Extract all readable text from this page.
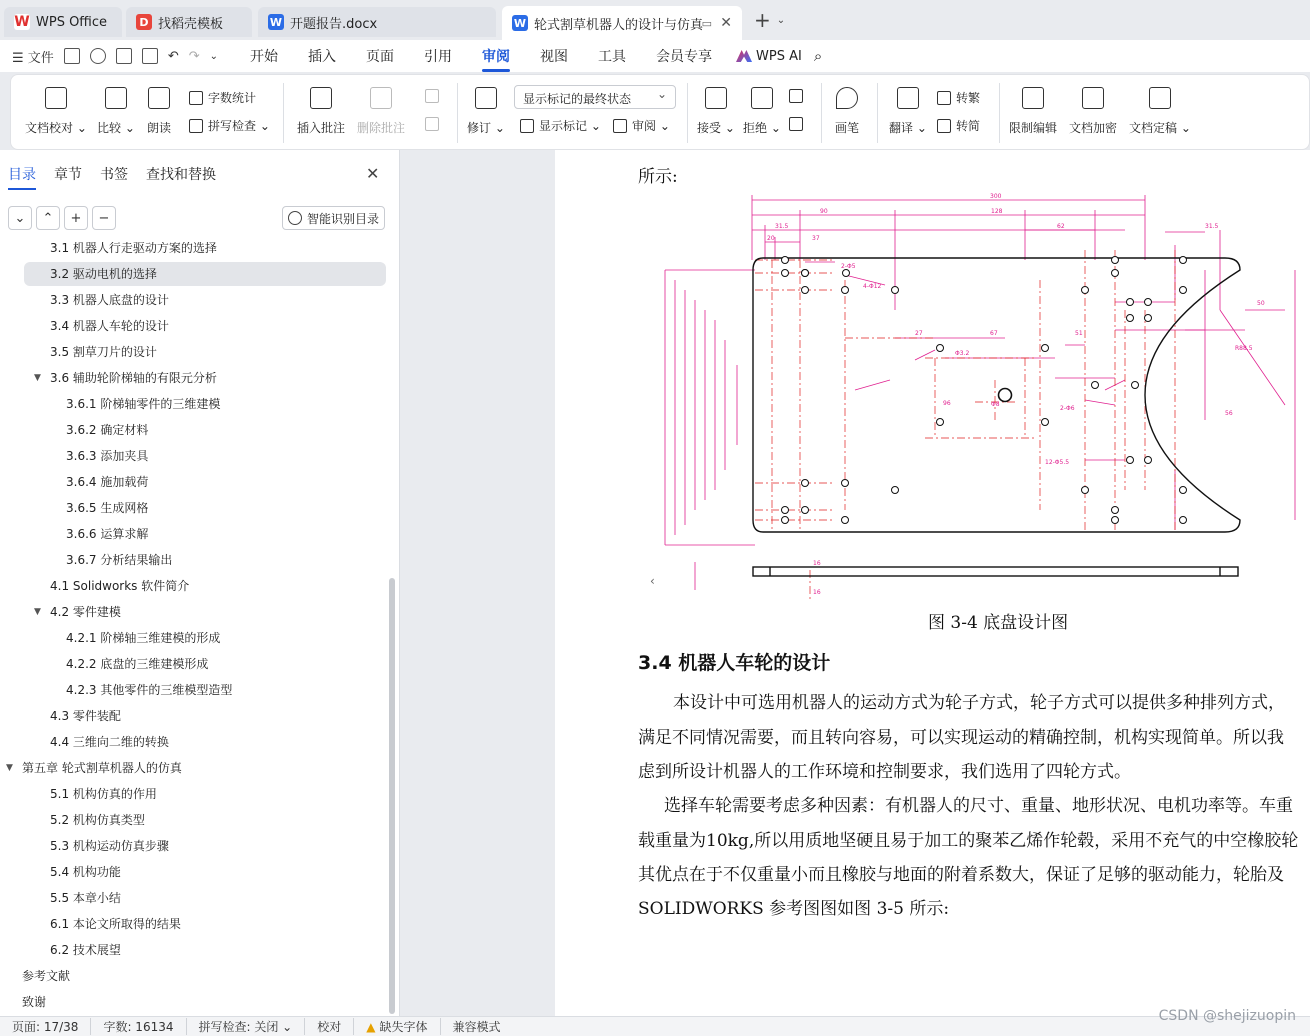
W WPS Office	D 找稻壳模板	W 开题报告.docx	W 轮式割草机器人的设计与仿真
▭ ✕ + ⌄
☰ 文件	↶ ↷ ⌄ 开始 插入 页面 引用 审阅 视图 工具 会员专享	WPS AI ⌕
文档校对 ⌄ 比较 ⌄ 朗读
字数统计
拼写检查 ⌄ 插入批注 删除批注	修订 ⌄
显示标记的最终状态 ⌄
显示标记 ⌄	审阅 ⌄ 接受 ⌄ 拒绝 ⌄	画笔 翻译 ⌄
转繁
转简 限制编辑 文档加密 文档定稿 ⌄
目录 章节 书签 查找和替换	✕
⌄	⌃	+	−	智能识别目录
3.1 机器人行走驱动方案的选择
3.2 驱动电机的选择
3.3 机器人底盘的设计
3.4 机器人车轮的设计
3.5 割草刀片的设计
▼ 3.6 辅助轮阶梯轴的有限元分析
3.6.1 阶梯轴零件的三维建模
3.6.2 确定材料
3.6.3 添加夹具
3.6.4 施加载荷
3.6.5 生成网格
3.6.6 运算求解
3.6.7 分析结果输出
4.1 Solidworks 软件简介
▼ 4.2 零件建模
4.2.1 阶梯轴三维建模的形成
4.2.2 底盘的三维建模形成
4.2.3 其他零件的三维模型造型
4.3 零件装配
4.4 三维向二维的转换
▼ 第五章 轮式割草机器人的仿真
5.1 机构仿真的作用
5.2 机构仿真类型
5.3 机构运动仿真步骤
5.4 机构功能
5.5 本章小结
6.1 本论文所取得的结果
6.2 技术展望
参考文献
致谢
所示:
300
90	128
31.5
20	37
62	31.5
2-Φ5
4-Φ12
27	67	51
Φ3.2
96	Φ8
2-Φ6
12-Φ5.5
R88.5
50
56
16
16
‹
图 3-4 底盘设计图
3.4 机器人车轮的设计
本设计中可选用机器人的运动方式为轮子方式，轮子方式可以提供多种排列方式，
满足不同情况需要，而且转向容易，可以实现运动的精确控制，机构实现简单。所以我
虑到所设计机器人的工作环境和控制要求，我们选用了四轮方式。
选择车轮需要考虑多种因素：有机器人的尺寸、重量、地形状况、电机功率等。车重
载重量为10kg,所以用质地坚硬且易于加工的聚苯乙烯作轮毂，采用不充气的中空橡胶轮
其优点在于不仅重量小而且橡胶与地面的附着系数大，保证了足够的驱动能力，轮胎及
SOLIDWORKS 参考图图如图 3-5 所示:
页面: 17/38	字数: 16134	拼写检查: 关闭 ⌄	校对	▲ 缺失字体	兼容模式
CSDN @shejizuopin
